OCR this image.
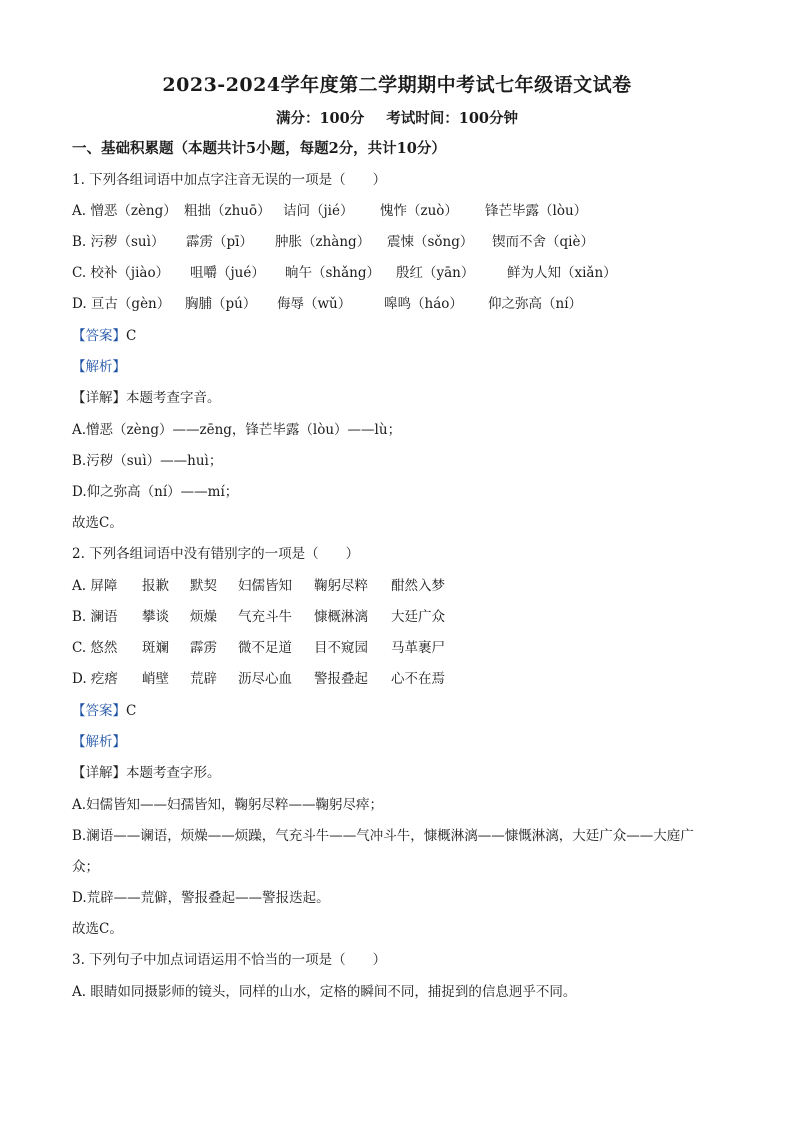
2023-2024学年度第二学期期中考试七年级语文试卷
满分：100分 考试时间：100分钟
一、基础积累题（本题共计5小题，每题2分，共计10分）
1. 下列各组词语中加点字注音无误的一项是（　　）
A. 憎恶（zèng） 粗拙（zhuō） 诘问（jié）	愧怍（zuò）	锋芒毕露（lòu）
B. 污秽（suì）	霹雳（pī）	肿胀（zhàng）	震悚（sǒng）	锲而不舍（qiè）
C. 校补（jiào）	咀嚼（jué）	晌午（shǎng）	殷红（yān）	鲜为人知（xiǎn）
D. 亘古（gèn）	胸脯（pú）	侮辱（wǔ）	嗥鸣（háo）	仰之弥高（ní）
【答案】C
【解析】
【详解】本题考查字音。
A.憎恶（zèng）——zēng，锋芒毕露（lòu）——lù；
B.污秽（suì）——huì；
D.仰之弥高（ní）——mí；
故选C。
2. 下列各组词语中没有错别字的一项是（　　）
A. 屏障	报歉	默契	妇儒皆知	鞠躬尽粹	酣然入梦
B. 澜语	攀谈	烦燥	气充斗牛	慷概淋漓	大廷广众
C. 悠然	斑斓	霹雳	微不足道	目不窥园	马革裹尸
D. 疙瘩	峭壁	荒辟	沥尽心血	警报叠起	心不在焉
【答案】C
【解析】
【详解】本题考查字形。
A.妇儒皆知——妇孺皆知，鞠躬尽粹——鞠躬尽瘁；
B.澜语——谰语，烦燥——烦躁，气充斗牛——气冲斗牛，慷概淋漓——慷慨淋漓，大廷广众——大庭广
众；
D.荒辟——荒僻，警报叠起——警报迭起。
故选C。
3. 下列句子中加点词语运用不恰当的一项是（　　）
A. 眼睛如同摄影师的镜头，同样的山水，定格的瞬间不同，捕捉到的信息迥乎不同。
